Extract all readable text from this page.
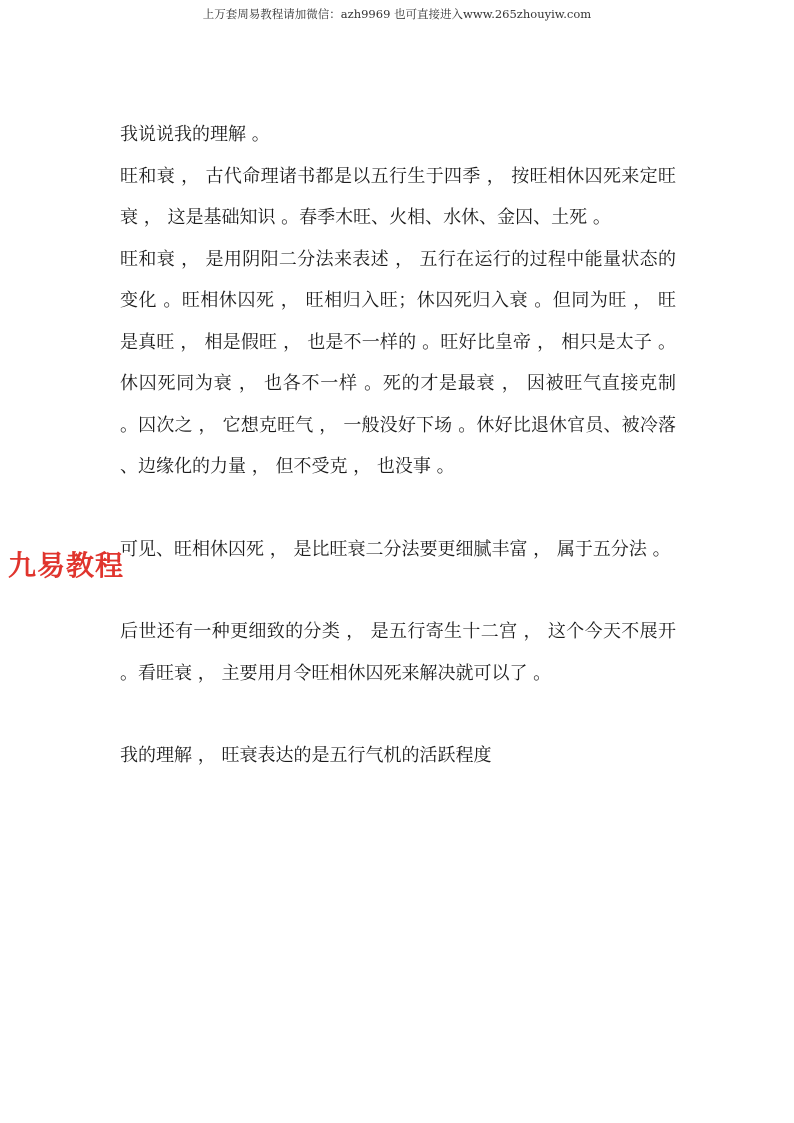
上万套周易教程请加微信：azh9969 也可直接进入www.265zhouyiw.com
九易教程

我说说我的理解 。

旺和衰 ， 古代命理诸书都是以五行生于四季 ， 按旺相休囚死来定旺衰 ， 这是基础知识 。春季木旺、火相、水休、金囚、土死 。

旺和衰 ， 是用阴阳二分法来表述 ， 五行在运行的过程中能量状态的变化 。旺相休囚死 ， 旺相归入旺；休囚死归入衰 。但同为旺 ， 旺是真旺 ， 相是假旺 ， 也是不一样的 。旺好比皇帝 ， 相只是太子 。休囚死同为衰 ， 也各不一样 。死的才是最衰 ， 因被旺气直接克制 。囚次之 ， 它想克旺气 ， 一般没好下场 。休好比退休官员、被冷落、边缘化的力量 ， 但不受克 ， 也没事 。

可见、旺相休囚死 ， 是比旺衰二分法要更细腻丰富 ， 属于五分法 。

后世还有一种更细致的分类 ， 是五行寄生十二宫 ， 这个今天不展开 。看旺衰 ， 主要用月令旺相休囚死来解决就可以了 。

我的理解 ， 旺衰表达的是五行气机的活跃程度
